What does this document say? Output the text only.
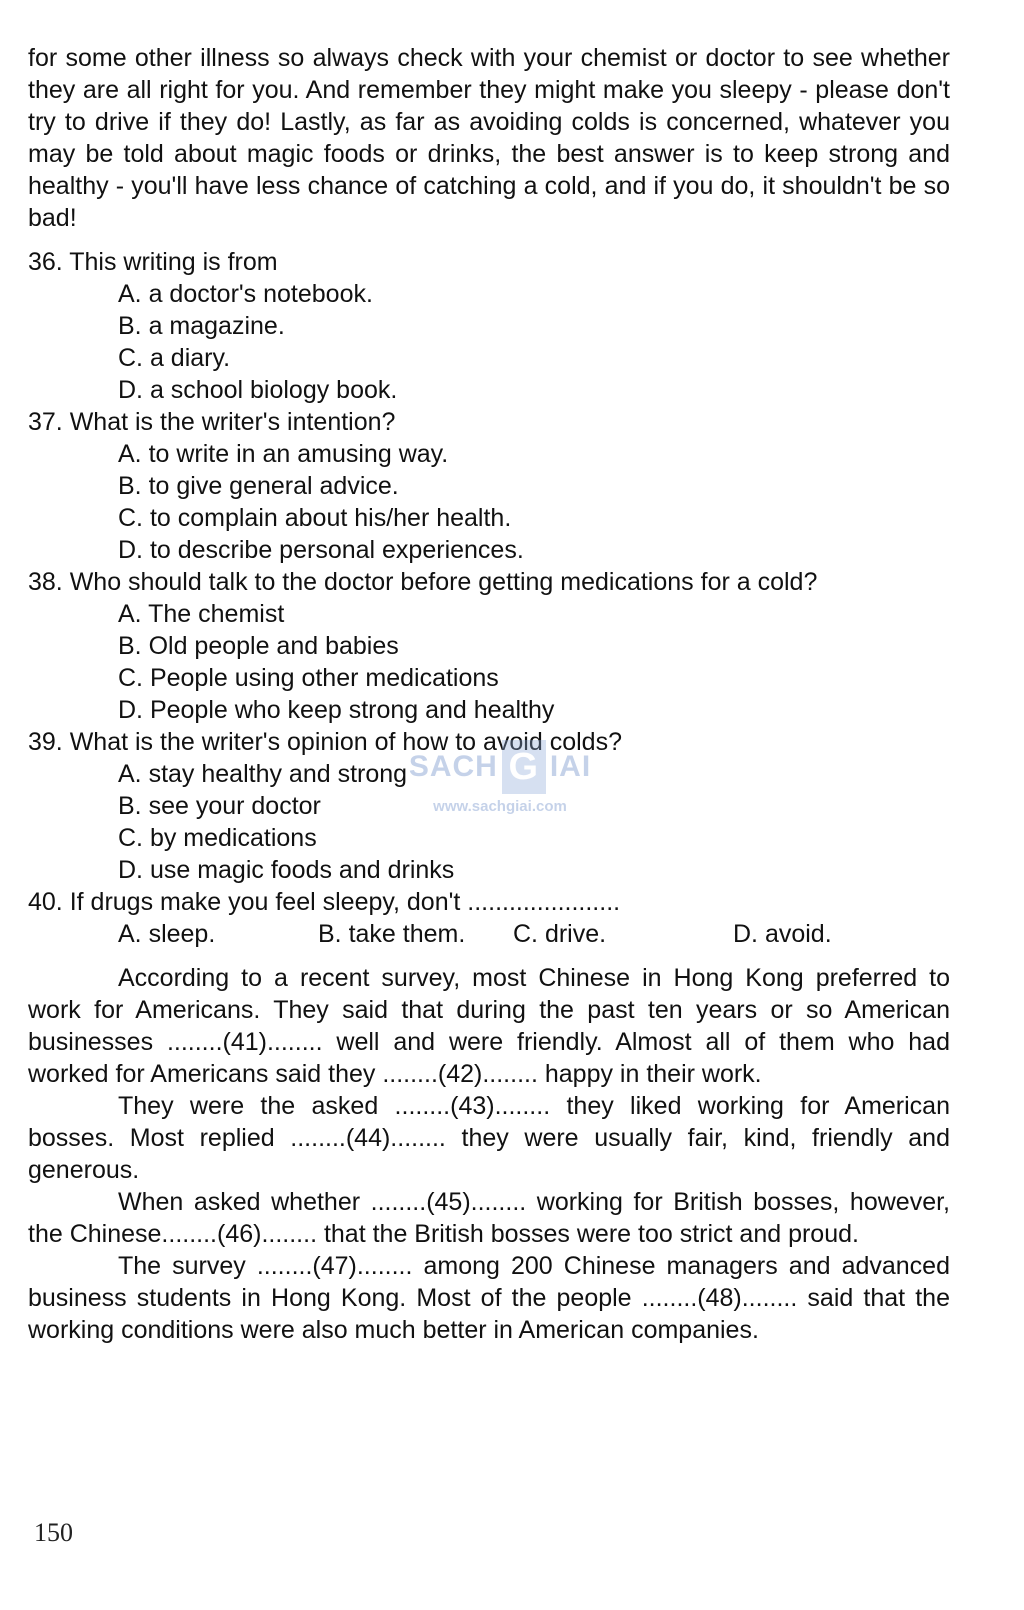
for some other illness so always check with your chemist or doctor to see whether they are all right for you. And remember they might make you sleepy - please don't try to drive if they do! Lastly, as far as avoiding colds is concerned, whatever you may be told about magic foods or drinks, the best answer is to keep strong and healthy - you'll have less chance of catching a cold, and if you do, it shouldn't be so bad!

36. This writing is from
A. a doctor's notebook.
B. a magazine.
C. a diary.
D. a school biology book.
37. What is the writer's intention?
A. to write in an amusing way.
B. to give general advice.
C. to complain about his/her health.
D. to describe personal experiences.
38. Who should talk to the doctor before getting medications for a cold?
A. The chemist
B. Old people and babies
C. People using other medications
D. People who keep strong and healthy
39. What is the writer's opinion of how to avoid colds?
A. stay healthy and strong
B. see your doctor
C. by medications
D. use magic foods and drinks
40. If drugs make you feel sleepy, don't ......................
A. sleep.	B. take them.	C. drive.	D. avoid.

According to a recent survey, most Chinese in Hong Kong preferred to work for Americans. They said that during the past ten years or so American businesses ........(41)........ well and were friendly. Almost all of them who had worked for Americans said they ........(42)........ happy in their work.

They were the asked ........(43)........ they liked working for American bosses. Most replied ........(44)........ they were usually fair, kind, friendly and generous.

When asked whether ........(45)........ working for British bosses, however, the Chinese........(46)........ that the British bosses were too strict and proud.

The survey ........(47)........ among 200 Chinese managers and advanced business students in Hong Kong. Most of the people ........(48)........ said that the working conditions were also much better in American companies.

SACH G IAI
www.sachgiai.com
150
